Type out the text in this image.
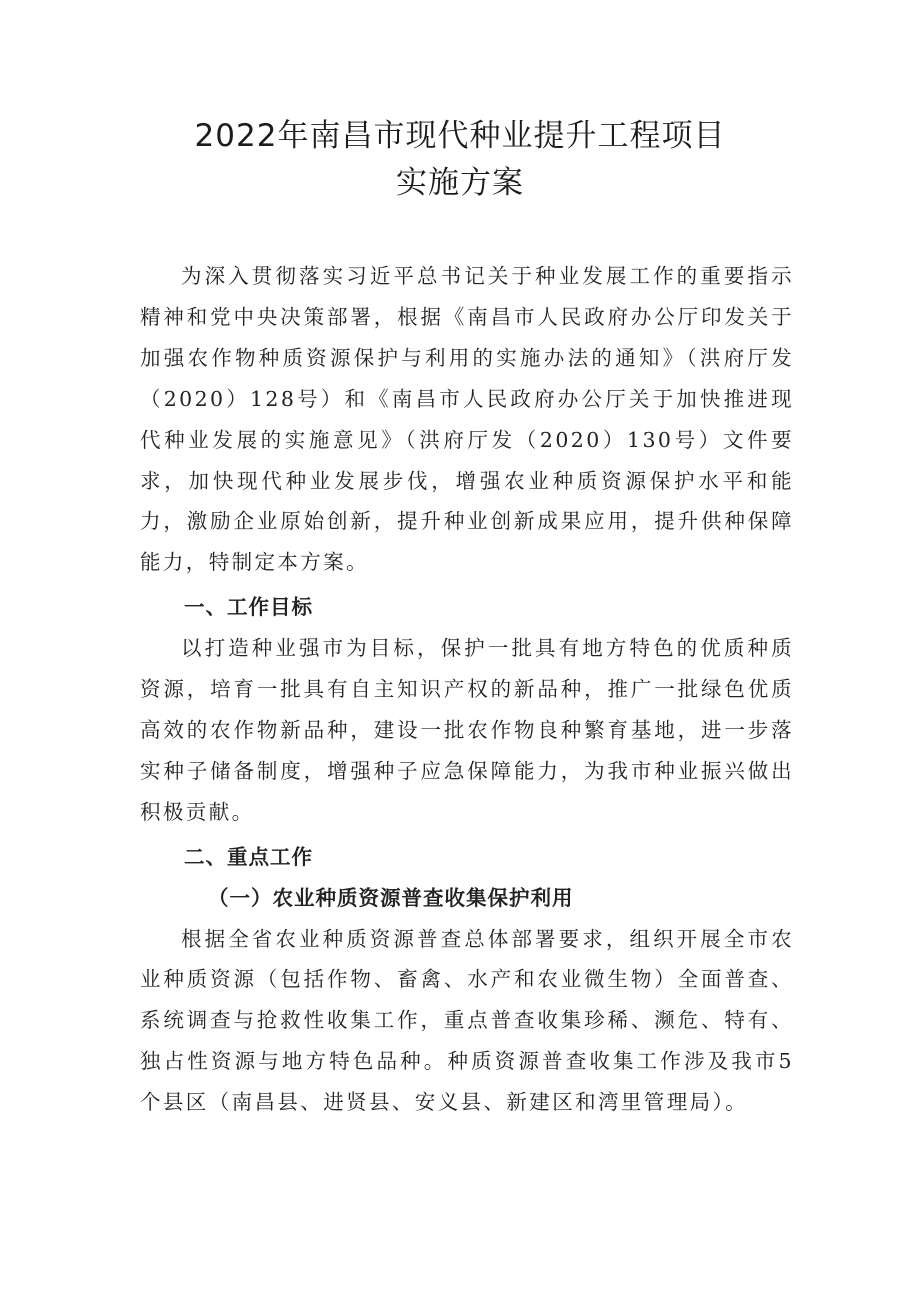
2022年南昌市现代种业提升工程项目
实施方案

为深入贯彻落实习近平总书记关于种业发展工作的重要指示精神和党中央决策部署，根据《南昌市人民政府办公厅印发关于加强农作物种质资源保护与利用的实施办法的通知》（洪府厅发（2020）128号）和《南昌市人民政府办公厅关于加快推进现代种业发展的实施意见》（洪府厅发（2020）130号）文件要求，加快现代种业发展步伐，增强农业种质资源保护水平和能力，激励企业原始创新，提升种业创新成果应用，提升供种保障能力，特制定本方案。

一、工作目标

以打造种业强市为目标，保护一批具有地方特色的优质种质资源，培育一批具有自主知识产权的新品种，推广一批绿色优质高效的农作物新品种，建设一批农作物良种繁育基地，进一步落实种子储备制度，增强种子应急保障能力，为我市种业振兴做出积极贡献。

二、重点工作
（一）农业种质资源普查收集保护利用

根据全省农业种质资源普查总体部署要求，组织开展全市农业种质资源（包括作物、畜禽、水产和农业微生物）全面普查、系统调查与抢救性收集工作，重点普查收集珍稀、濒危、特有、独占性资源与地方特色品种。种质资源普查收集工作涉及我市5个县区（南昌县、进贤县、安义县、新建区和湾里管理局）。
